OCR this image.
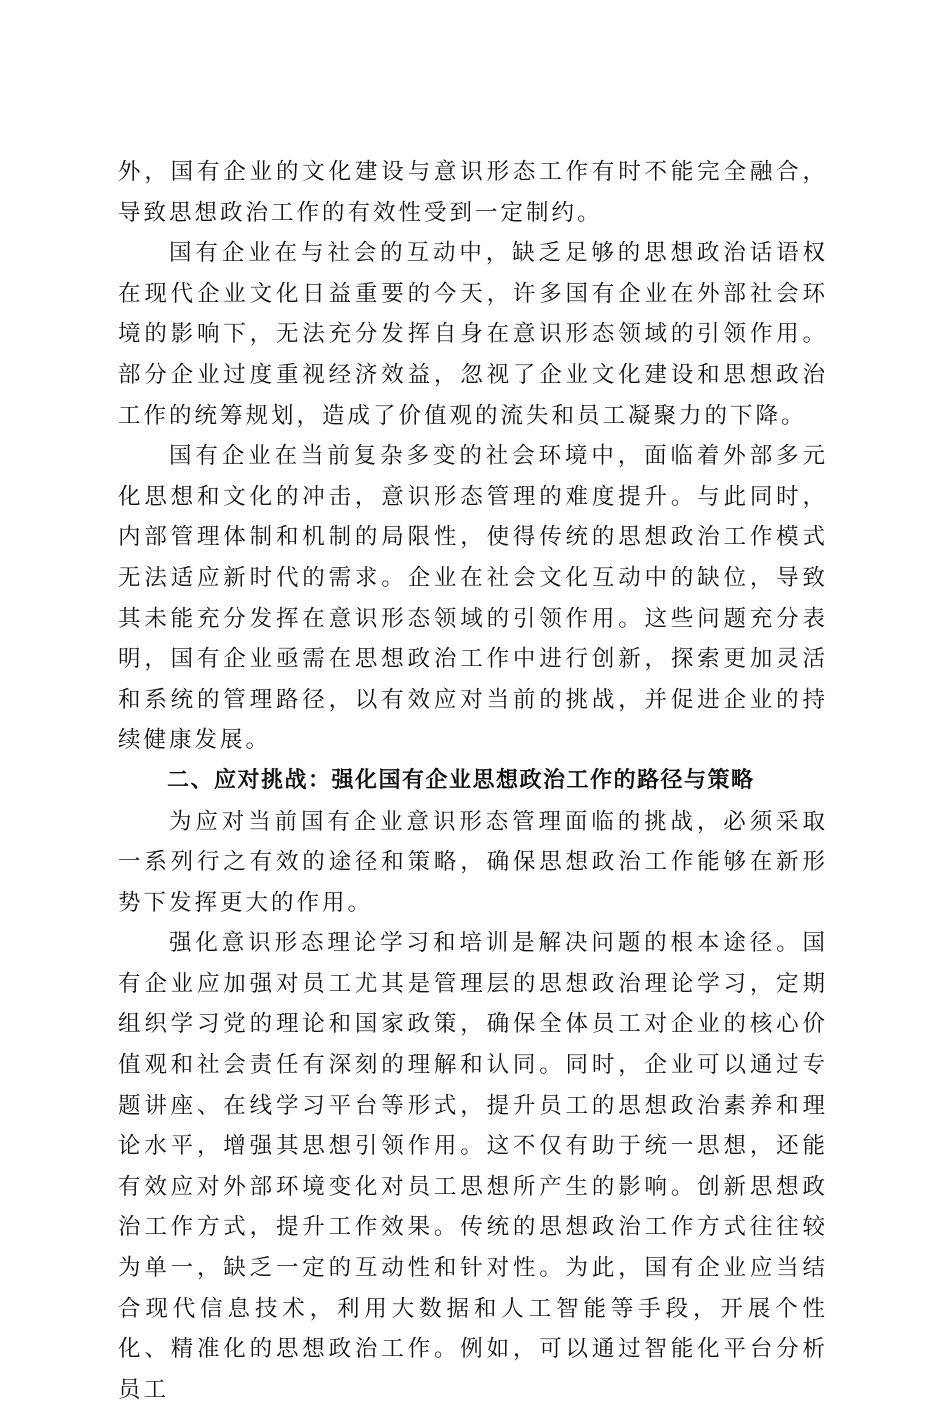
外，国有企业的文化建设与意识形态工作有时不能完全融合，导致思想政治工作的有效性受到一定制约。

国有企业在与社会的互动中，缺乏足够的思想政治话语权在现代企业文化日益重要的今天，许多国有企业在外部社会环境的影响下，无法充分发挥自身在意识形态领域的引领作用。部分企业过度重视经济效益，忽视了企业文化建设和思想政治工作的统筹规划，造成了价值观的流失和员工凝聚力的下降。

国有企业在当前复杂多变的社会环境中，面临着外部多元化思想和文化的冲击，意识形态管理的难度提升。与此同时，内部管理体制和机制的局限性，使得传统的思想政治工作模式无法适应新时代的需求。企业在社会文化互动中的缺位，导致其未能充分发挥在意识形态领域的引领作用。这些问题充分表明，国有企业亟需在思想政治工作中进行创新，探索更加灵活和系统的管理路径，以有效应对当前的挑战，并促进企业的持续健康发展。

二、应对挑战：强化国有企业思想政治工作的路径与策略

为应对当前国有企业意识形态管理面临的挑战，必须采取一系列行之有效的途径和策略，确保思想政治工作能够在新形势下发挥更大的作用。

强化意识形态理论学习和培训是解决问题的根本途径。国有企业应加强对员工尤其是管理层的思想政治理论学习，定期组织学习党的理论和国家政策，确保全体员工对企业的核心价值观和社会责任有深刻的理解和认同。同时，企业可以通过专题讲座、在线学习平台等形式，提升员工的思想政治素养和理论水平，增强其思想引领作用。这不仅有助于统一思想，还能有效应对外部环境变化对员工思想所产生的影响。创新思想政治工作方式，提升工作效果。传统的思想政治工作方式往往较为单一，缺乏一定的互动性和针对性。为此，国有企业应当结合现代信息技术，利用大数据和人工智能等手段，开展个性化、精准化的思想政治工作。例如，可以通过智能化平台分析员工
